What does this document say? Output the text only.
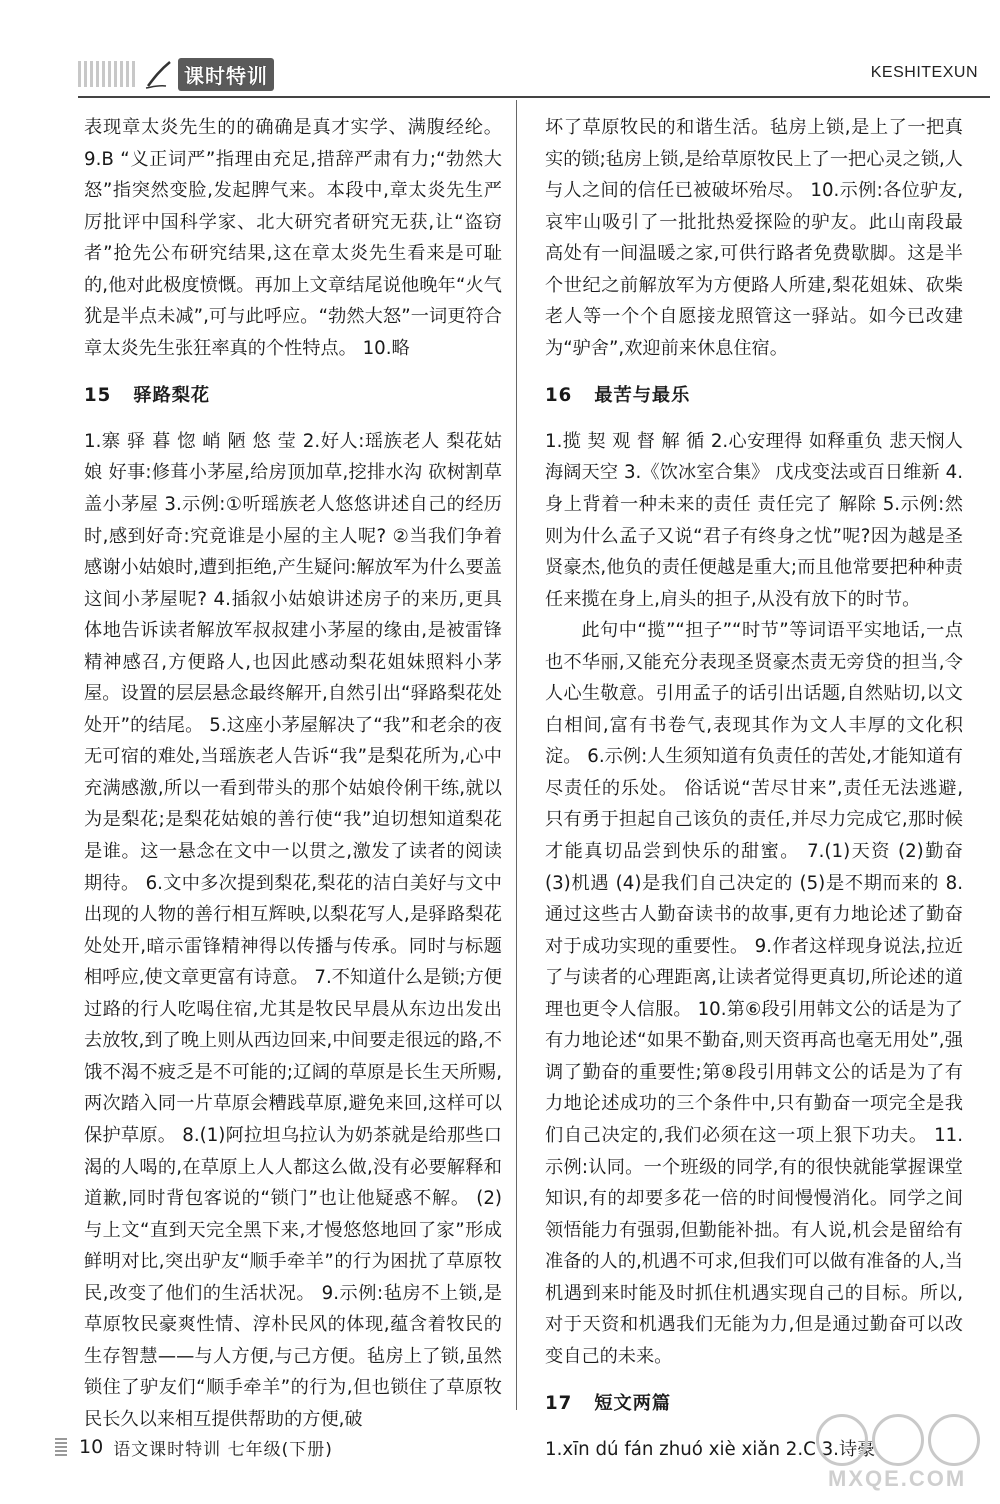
课时特训	KESHITEXUN

表现章太炎先生的的确确是真才实学、满腹经纶。 9.B “义正词严”指理由充足,措辞严肃有力;“勃然大怒”指突然变脸,发起脾气来。本段中,章太炎先生严厉批评中国科学家、北大研究者研究无获,让“盗窃者”抢先公布研究结果,这在章太炎先生看来是可耻的,他对此极度愤慨。再加上文章结尾说他晚年“火气犹是半点未减”,可与此呼应。“勃然大怒”一词更符合章太炎先生张狂率真的个性特点。 10.略

15 驿路梨花

1.寨 驿 暮 惚 峭 陋 悠 莹 2.好人:瑶族老人 梨花姑娘 好事:修葺小茅屋,给房顶加草,挖排水沟 砍树割草盖小茅屋 3.示例:①听瑶族老人悠悠讲述自己的经历时,感到好奇:究竟谁是小屋的主人呢? ②当我们争着感谢小姑娘时,遭到拒绝,产生疑问:解放军为什么要盖这间小茅屋呢? 4.插叙小姑娘讲述房子的来历,更具体地告诉读者解放军叔叔建小茅屋的缘由,是被雷锋精神感召,方便路人,也因此感动梨花姐妹照料小茅屋。设置的层层悬念最终解开,自然引出“驿路梨花处处开”的结尾。 5.这座小茅屋解决了“我”和老余的夜无可宿的难处,当瑶族老人告诉“我”是梨花所为,心中充满感激,所以一看到带头的那个姑娘伶俐干练,就以为是梨花;是梨花姑娘的善行使“我”迫切想知道梨花是谁。这一悬念在文中一以贯之,激发了读者的阅读期待。 6.文中多次提到梨花,梨花的洁白美好与文中出现的人物的善行相互辉映,以梨花写人,是驿路梨花处处开,暗示雷锋精神得以传播与传承。同时与标题相呼应,使文章更富有诗意。 7.不知道什么是锁;方便过路的行人吃喝住宿,尤其是牧民早晨从东边出发出去放牧,到了晚上则从西边回来,中间要走很远的路,不饿不渴不疲乏是不可能的;辽阔的草原是长生天所赐,两次踏入同一片草原会糟践草原,避免来回,这样可以保护草原。 8.(1)阿拉坦乌拉认为奶茶就是给那些口渴的人喝的,在草原上人人都这么做,没有必要解释和道歉,同时背包客说的“锁门”也让他疑惑不解。 (2)与上文“直到天完全黑下来,才慢悠悠地回了家”形成鲜明对比,突出驴友“顺手牵羊”的行为困扰了草原牧民,改变了他们的生活状况。 9.示例:毡房不上锁,是草原牧民豪爽性情、淳朴民风的体现,蕴含着牧民的生存智慧——与人方便,与己方便。毡房上了锁,虽然锁住了驴友们“顺手牵羊”的行为,但也锁住了草原牧民长久以来相互提供帮助的方便,破

坏了草原牧民的和谐生活。毡房上锁,是上了一把真实的锁;毡房上锁,是给草原牧民上了一把心灵之锁,人与人之间的信任已被破坏殆尽。 10.示例:各位驴友,哀牢山吸引了一批批热爱探险的驴友。此山南段最高处有一间温暖之家,可供行路者免费歇脚。这是半个世纪之前解放军为方便路人所建,梨花姐妹、砍柴老人等一个个自愿接龙照管这一驿站。如今已改建为“驴舍”,欢迎前来休息住宿。

16 最苦与最乐

1.揽 契 观 督 解 循 2.心安理得 如释重负 悲天悯人 海阔天空 3.《饮冰室合集》 戊戌变法或百日维新 4.身上背着一种未来的责任 责任完了 解除 5.示例:然则为什么孟子又说“君子有终身之忧”呢?因为越是圣贤豪杰,他负的责任便越是重大;而且他常要把种种责任来揽在身上,肩头的担子,从没有放下的时节。

此句中“揽”“担子”“时节”等词语平实地话,一点也不华丽,又能充分表现圣贤豪杰责无旁贷的担当,令人心生敬意。引用孟子的话引出话题,自然贴切,以文白相间,富有书卷气,表现其作为文人丰厚的文化积淀。 6.示例:人生须知道有负责任的苦处,才能知道有尽责任的乐处。 俗话说“苦尽甘来”,责任无法逃避,只有勇于担起自己该负的责任,并尽力完成它,那时候才能真切品尝到快乐的甜蜜。 7.(1)天资 (2)勤奋 (3)机遇 (4)是我们自己决定的 (5)是不期而来的 8.通过这些古人勤奋读书的故事,更有力地论述了勤奋对于成功实现的重要性。 9.作者这样现身说法,拉近了与读者的心理距离,让读者觉得更真切,所论述的道理也更令人信服。 10.第⑥段引用韩文公的话是为了有力地论述“如果不勤奋,则天资再高也毫无用处”,强调了勤奋的重要性;第⑧段引用韩文公的话是为了有力地论述成功的三个条件中,只有勤奋一项完全是我们自己决定的,我们必须在这一项上狠下功夫。 11.示例:认同。一个班级的同学,有的很快就能掌握课堂知识,有的却要多花一倍的时间慢慢消化。同学之间领悟能力有强弱,但勤能补拙。有人说,机会是留给有准备的人的,机遇不可求,但我们可以做有准备的人,当机遇到来时能及时抓住机遇实现自己的目标。所以,对于天资和机遇我们无能为力,但是通过勤奋可以改变自己的未来。

17 短文两篇

1.xīn dú fán zhuó xiè xiǎn 2.C 3.诗豪

10 语文课时特训 七年级(下册)
MXQE.COM
